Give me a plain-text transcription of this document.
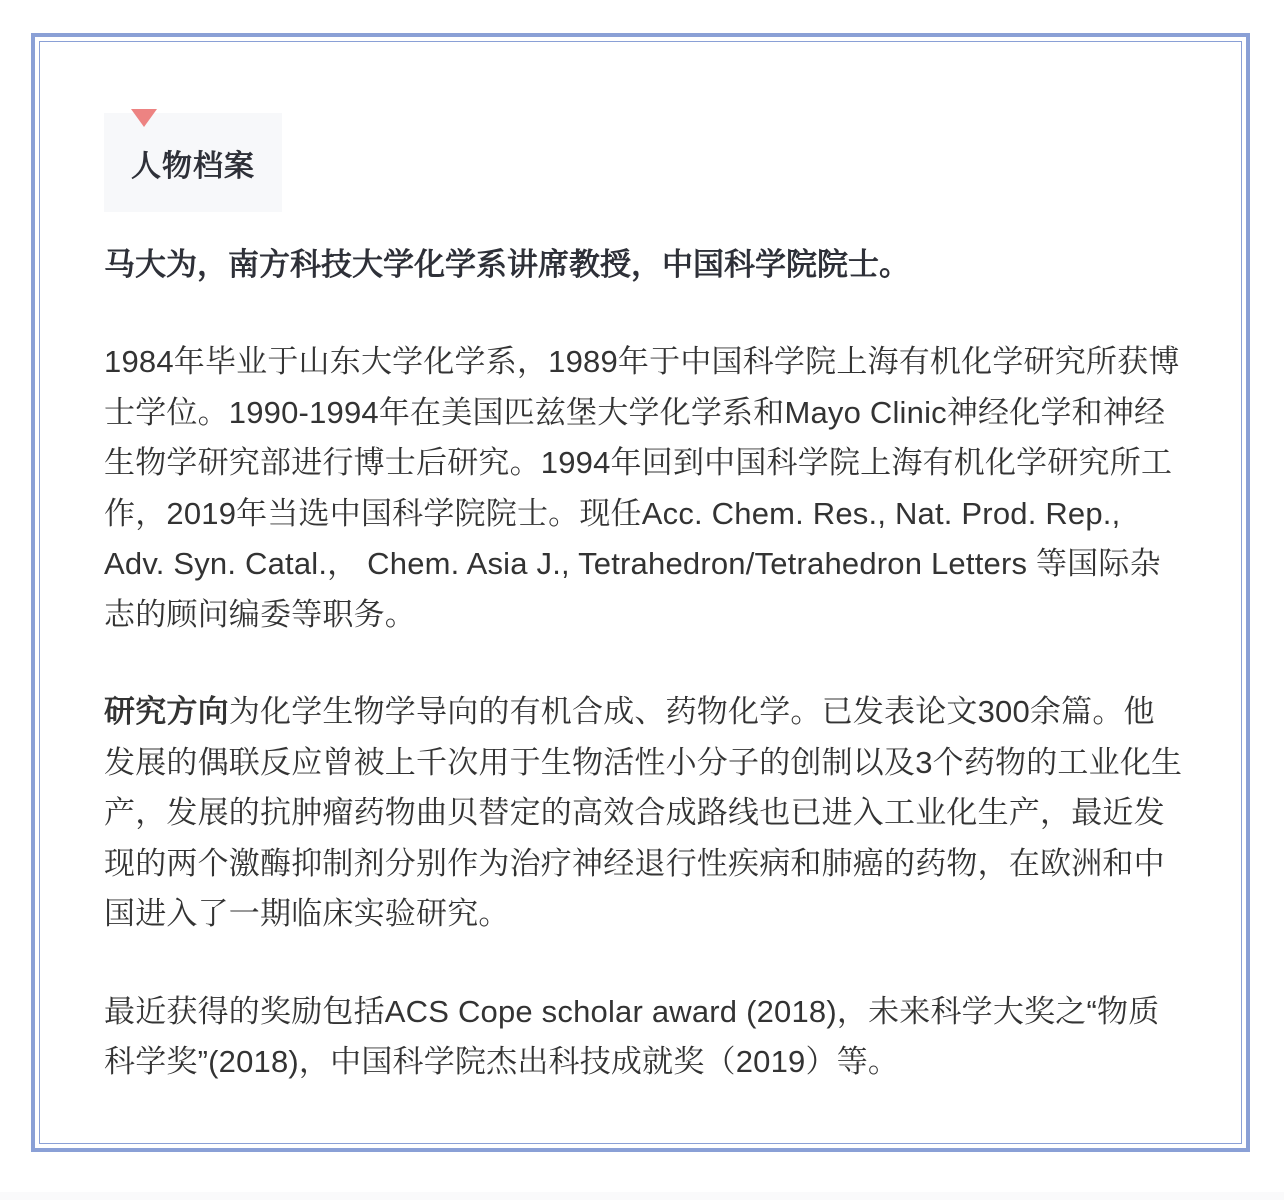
人物档案
马大为，南方科技大学化学系讲席教授，中国科学院院士。

1984年毕业于山东大学化学系，1989年于中国科学院上海有机化学研究所获博士学位。1990-1994年在美国匹兹堡大学化学系和Mayo Clinic神经化学和神经生物学研究部进行博士后研究。1994年回到中国科学院上海有机化学研究所工作，2019年当选中国科学院院士。现任Acc. Chem. Res., Nat. Prod. Rep., Adv. Syn. Catal.， Chem. Asia J., Tetrahedron/Tetrahedron Letters 等国际杂志的顾问编委等职务。

研究方向为化学生物学导向的有机合成、药物化学。已发表论文300余篇。他发展的偶联反应曾被上千次用于生物活性小分子的创制以及3个药物的工业化生产，发展的抗肿瘤药物曲贝替定的高效合成路线也已进入工业化生产，最近发现的两个激酶抑制剂分别作为治疗神经退行性疾病和肺癌的药物，在欧洲和中国进入了一期临床实验研究。

最近获得的奖励包括ACS Cope scholar award (2018)，未来科学大奖之“物质科学奖”(2018)，中国科学院杰出科技成就奖（2019）等。
